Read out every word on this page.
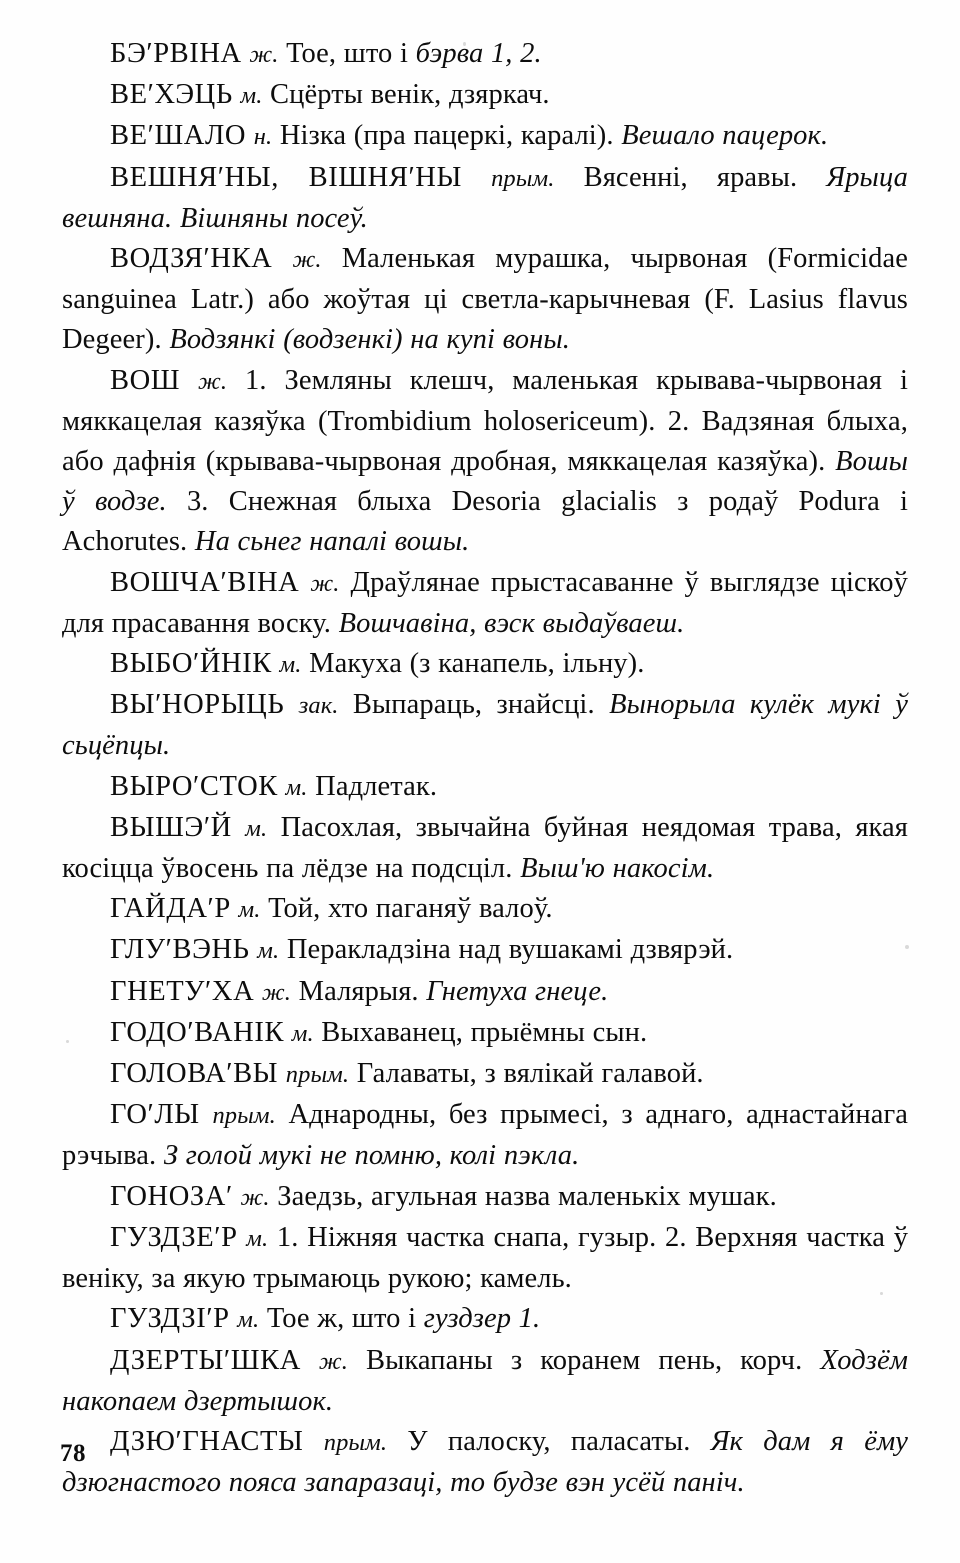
БЭ′РВІНА ж. Тое, што і бэрва 1, 2.

ВЕ′ХЭЦЬ м. Сцёрты венік, дзяркач.

ВЕ′ШАЛО н. Нізка (пра пацеркі, каралі). Вешало пацерок.

ВЕШНЯ′НЫ, ВІШНЯ′НЫ прым. Вясенні, яравы. Ярыца вешняна. Вішняны посеў.

ВОДЗЯ′НКА ж. Маленькая мурашка, чырвоная (Formicidae sanguinea Latr.) або жоўтая ці светла-карычневая (F. Lasius flavus Degeer). Водзянкі (водзенкі) на купі воны.

ВОШ ж. 1. Земляны клешч, маленькая крывава-чырвоная і мяккацелая казяўка (Trombidium holosericeum). 2. Вадзяная блыха, або дафнія (крывава-чырвоная дробная, мяккацелая казяўка). Вошы ў водзе. 3. Снежная блыха Desoria glacialis з родаў Podura і Achorutes. На сьнег напалі вошы.

ВОШЧА′ВІНА ж. Драўлянае прыстасаванне ў выглядзе ціскоў для прасавання воску. Вошчавіна, вэск выдаўваеш.

ВЫБО′ЙНІК м. Макуха (з канапель, ільну).

ВЫ′НОРЫЦЬ зак. Выпараць, знайсці. Вынорыла кулёк мукі ў сьцёпцы.

ВЫРО′СТОК м. Падлетак.

ВЫШЭ′Й м. Пасохлая, звычайна буйная неядомая трава, якая косіцца ўвосень па лёдзе на подсціл. Выш'ю накосім.

ГАЙДА′Р м. Той, хто паганяў валоў.

ГЛУ′ВЭНЬ м. Перакладзіна над вушакамі дзвярэй.

ГНЕТУ′ХА ж. Малярыя. Гнетуха гнеце.

ГОДО′ВАНІК м. Выхаванец, прыёмны сын.

ГОЛОВА′ВЫ прым. Галаваты, з вялікай галавой.

ГО′ЛЫ прым. Аднародны, без прымесі, з аднаго, аднастайнага рэчыва. З голой мукі не помню, колі пэкла.

ГОНОЗА′ ж. Заедзь, агульная назва маленькіх мушак.

ГУЗДЗЕ′Р м. 1. Ніжняя частка снапа, гузыр. 2. Верхняя частка ў веніку, за якую трымаюць рукою; камель.

ГУЗДЗІ′Р м. Тое ж, што і гуздзер 1.

ДЗЕРТЫ′ШКА ж. Выкапаны з коранем пень, корч. Ходзём накопаем дзертышок.

ДЗЮ′ГНАСТЫ прым. У палоску, паласаты. Як дам я ёму дзюгнастого пояса запаразаці, то будзе вэн усёй паніч.

78
